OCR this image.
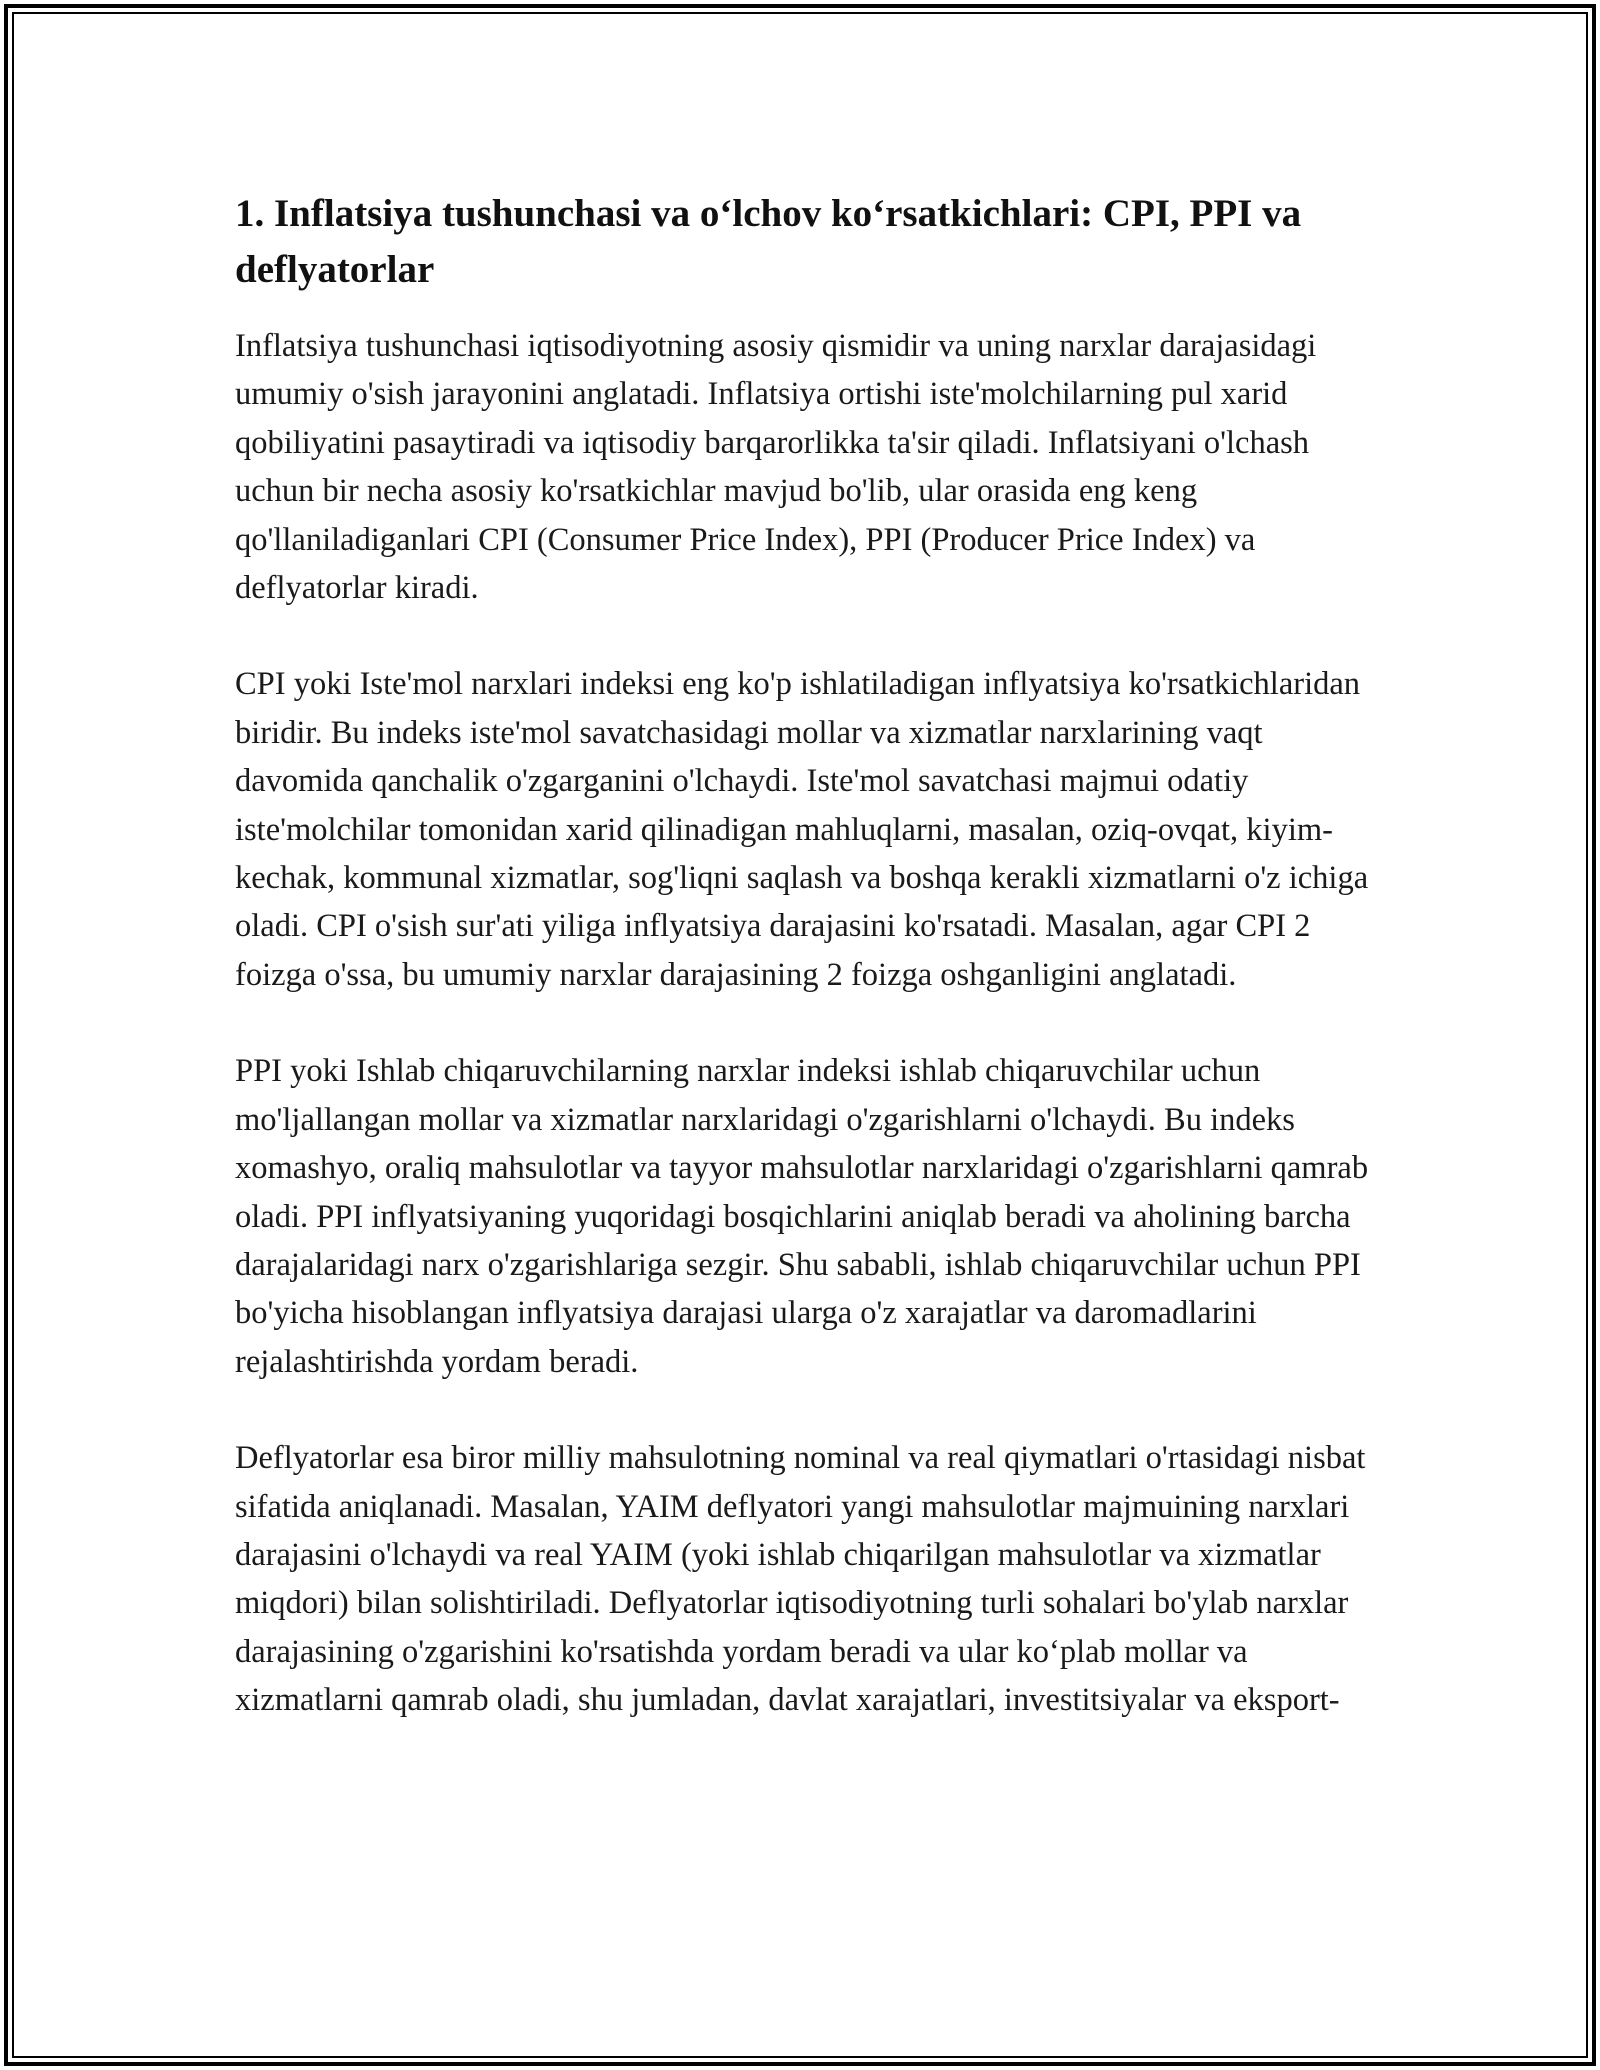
1. Inflatsiya tushunchasi va o‘lchov ko‘rsatkichlari: CPI, PPI va deflyatorlar

Inflatsiya tushunchasi iqtisodiyotning asosiy qismidir va uning narxlar darajasidagi umumiy o'sish jarayonini anglatadi. Inflatsiya ortishi iste'molchilarning pul xarid qobiliyatini pasaytiradi va iqtisodiy barqarorlikka ta'sir qiladi. Inflatsiyani o'lchash uchun bir necha asosiy ko'rsatkichlar mavjud bo'lib, ular orasida eng keng qo'llaniladiganlari CPI (Consumer Price Index), PPI (Producer Price Index) va deflyatorlar kiradi.

CPI yoki Iste'mol narxlari indeksi eng ko'p ishlatiladigan inflyatsiya ko'rsatkichlaridan biridir. Bu indeks iste'mol savatchasidagi mollar va xizmatlar narxlarining vaqt davomida qanchalik o'zgarganini o'lchaydi. Iste'mol savatchasi majmui odatiy iste'molchilar tomonidan xarid qilinadigan mahluqlarni, masalan, oziq-ovqat, kiyim-kechak, kommunal xizmatlar, sog'liqni saqlash va boshqa kerakli xizmatlarni o'z ichiga oladi. CPI o'sish sur'ati yiliga inflyatsiya darajasini ko'rsatadi. Masalan, agar CPI 2 foizga o'ssa, bu umumiy narxlar darajasining 2 foizga oshganligini anglatadi.

PPI yoki Ishlab chiqaruvchilarning narxlar indeksi ishlab chiqaruvchilar uchun mo'ljallangan mollar va xizmatlar narxlaridagi o'zgarishlarni o'lchaydi. Bu indeks xomashyo, oraliq mahsulotlar va tayyor mahsulotlar narxlaridagi o'zgarishlarni qamrab oladi. PPI inflyatsiyaning yuqoridagi bosqichlarini aniqlab beradi va aholining barcha darajalaridagi narx o'zgarishlariga sezgir. Shu sababli, ishlab chiqaruvchilar uchun PPI bo'yicha hisoblangan inflyatsiya darajasi ularga o'z xarajatlar va daromadlarini rejalashtirishda yordam beradi.

Deflyatorlar esa biror milliy mahsulotning nominal va real qiymatlari o'rtasidagi nisbat sifatida aniqlanadi. Masalan, YAIM deflyatori yangi mahsulotlar majmuining narxlari darajasini o'lchaydi va real YAIM (yoki ishlab chiqarilgan mahsulotlar va xizmatlar miqdori) bilan solishtiriladi. Deflyatorlar iqtisodiyotning turli sohalari bo'ylab narxlar darajasining o'zgarishini ko'rsatishda yordam beradi va ular ko‘plab mollar va xizmatlarni qamrab oladi, shu jumladan, davlat xarajatlari, investitsiyalar va eksport-
